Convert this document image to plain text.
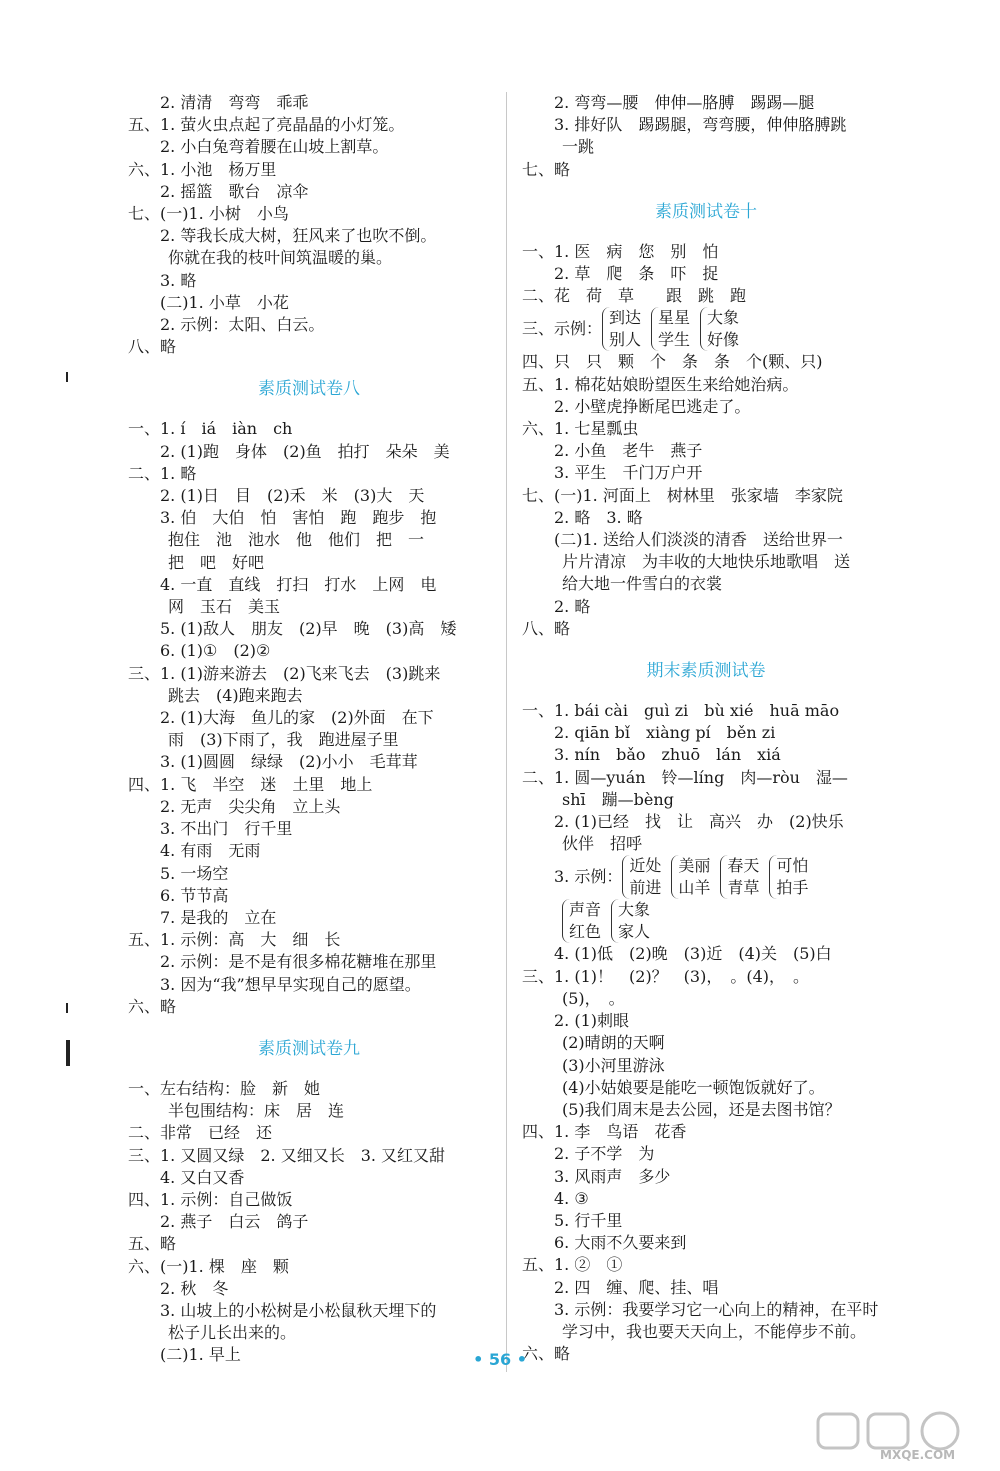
2. 清清　弯弯　乖乖
五、1. 萤火虫点起了亮晶晶的小灯笼。
2. 小白兔弯着腰在山坡上割草。
六、1. 小池　杨万里
2. 摇篮　歌台　凉伞
七、(一)1. 小树　小鸟
2. 等我长成大树，狂风来了也吹不倒。
你就在我的枝叶间筑温暖的巢。
3. 略
(二)1. 小草　小花
2. 示例：太阳、白云。
八、略
素质测试卷八
一、1. í　iá　iàn　ch
2. (1)跑　身体　(2)鱼　拍打　朵朵　美
二、1. 略
2. (1)日　目　(2)禾　米　(3)大　天
3. 伯　大伯　怕　害怕　跑　跑步　抱
抱住　池　池水　他　他们　把　一
把　吧　好吧
4. 一直　直线　打扫　打水　上网　电
网　玉石　美玉
5. (1)敌人　朋友　(2)早　晚　(3)高　矮
6. (1)①　(2)②
三、1. (1)游来游去　(2)飞来飞去　(3)跳来
跳去　(4)跑来跑去
2. (1)大海　鱼儿的家　(2)外面　在下
雨　(3)下雨了，我　跑进屋子里
3. (1)圆圆　绿绿　(2)小小　毛茸茸
四、1. 飞　半空　迷　土里　地上
2. 无声　尖尖角　立上头
3. 不出门　行千里
4. 有雨　无雨
5. 一场空
6. 节节高
7. 是我的　立在
五、1. 示例：高　大　细　长
2. 示例：是不是有很多棉花糖堆在那里
3. 因为“我”想早早实现自己的愿望。
六、略
素质测试卷九
一、左右结构：脸　新　她
半包围结构：床　居　连
二、非常　已经　还
三、1. 又圆又绿　2. 又细又长　3. 又红又甜
4. 又白又香
四、1. 示例：自己做饭
2. 燕子　白云　鸽子
五、略
六、(一)1. 棵　座　颗
2. 秋　冬
3. 山坡上的小松树是小松鼠秋天埋下的
松子儿长出来的。
(二)1. 早上
2. 弯弯—腰　伸伸—胳膊　踢踢—腿
3. 排好队　踢踢腿，弯弯腰，伸伸胳膊跳
一跳
七、略
素质测试卷十
一、1. 医　病　您　别　怕
2. 草　爬　条　吓　捉
二、花　荷　草　　跟　跳　跑
三、示例：
到达
别人
星星
学生
大象
好像
四、只　只　颗　个　条　条　个(颗、只)
五、1. 棉花姑娘盼望医生来给她治病。
2. 小壁虎挣断尾巴逃走了。
六、1. 七星瓢虫
2. 小鱼　老牛　燕子
3. 平生　千门万户开
七、(一)1. 河面上　树林里　张家墙　李家院
2. 略　3. 略
(二)1. 送给人们淡淡的清香　送给世界一
片片清凉　为丰收的大地快乐地歌唱　送
给大地一件雪白的衣裳
2. 略
八、略
期末素质测试卷
一、1. bái cài　guì zi　bù xié　huā māo
2. qiān bǐ　xiàng pí　běn zi
3. nín　bǎo　zhuō　lán　xiá
二、1. 圆—yuán　铃—líng　肉—ròu　湿—
shī　蹦—bèng
2. (1)已经　找　让　高兴　办　(2)快乐
伙伴　招呼
3. 示例：
近处
前进
美丽
山羊
春天
青草
可怕
拍手
声音
红色
大象
家人
4. (1)低　(2)晚　(3)近　(4)关　(5)白
三、1. (1)！　(2)？　(3)，　。(4)，　。
(5)，　。
2. (1)刺眼
(2)晴朗的天啊
(3)小河里游泳
(4)小姑娘要是能吃一顿饱饭就好了。
(5)我们周末是去公园，还是去图书馆？
四、1. 李　鸟语　花香
2. 子不学　为
3. 风雨声　多少
4. ③
5. 行千里
6. 大雨不久要来到
五、1. ②　①
2. 四　缠、爬、挂、唱
3. 示例：我要学习它一心向上的精神，在平时
学习中，我也要天天向上，不能停步不前。
六、略
• 56 •
MXQE.COM
